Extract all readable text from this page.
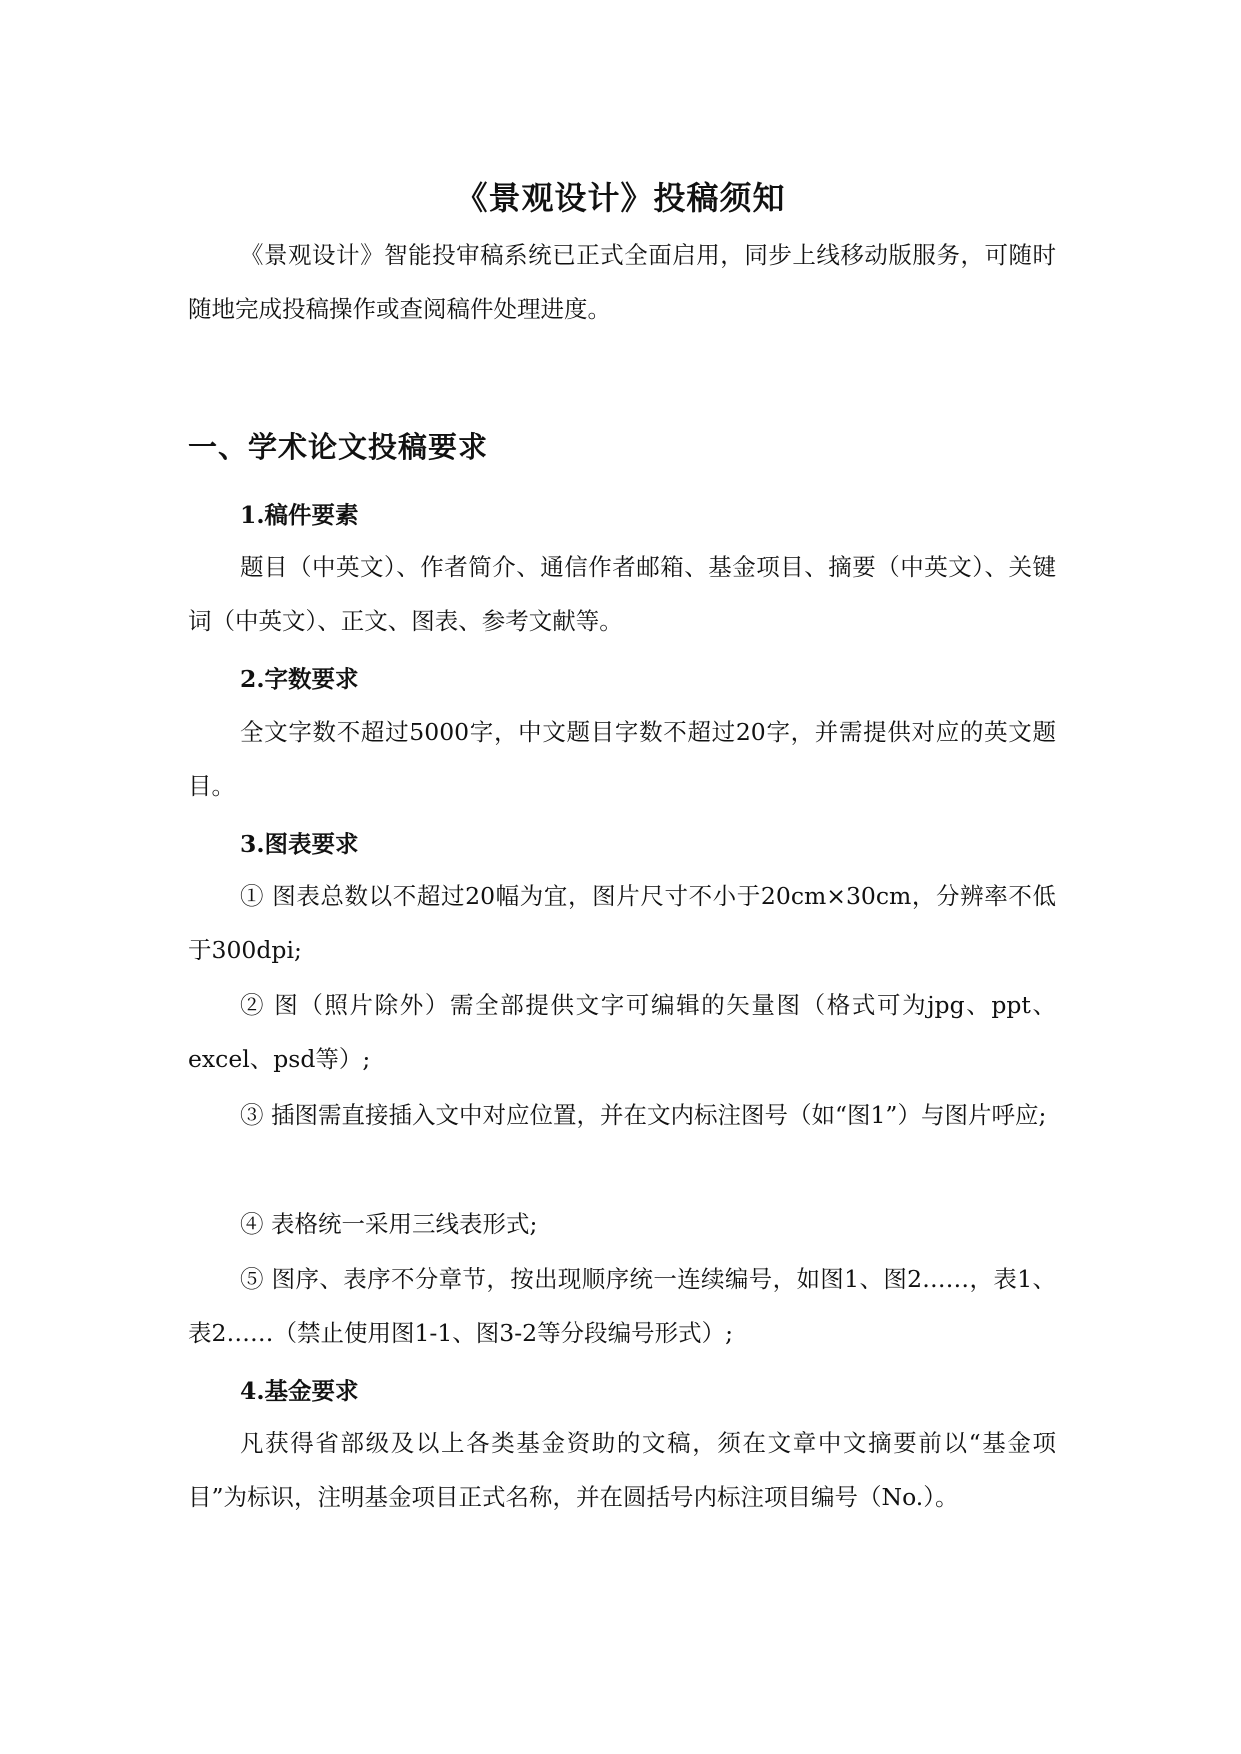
《景观设计》投稿须知

《景观设计》智能投审稿系统已正式全面启用，同步上线移动版服务，可随时随地完成投稿操作或查阅稿件处理进度。

一、学术论文投稿要求
1.稿件要素

题目（中英文）、作者简介、通信作者邮箱、基金项目、摘要（中英文）、关键词（中英文）、正文、图表、参考文献等。

2.字数要求

全文字数不超过5000字，中文题目字数不超过20字，并需提供对应的英文题目。

3.图表要求

① 图表总数以不超过20幅为宜，图片尺寸不小于20cm×30cm，分辨率不低于300dpi;

② 图（照片除外）需全部提供文字可编辑的矢量图（格式可为jpg、ppt、excel、psd等）;

③ 插图需直接插入文中对应位置，并在文内标注图号（如“图1”）与图片呼应;

④ 表格统一采用三线表形式;

⑤ 图序、表序不分章节，按出现顺序统一连续编号，如图1、图2……，表1、表2……（禁止使用图1-1、图3-2等分段编号形式）;

4.基金要求

凡获得省部级及以上各类基金资助的文稿，须在文章中文摘要前以“基金项目”为标识，注明基金项目正式名称，并在圆括号内标注项目编号（No.）。
